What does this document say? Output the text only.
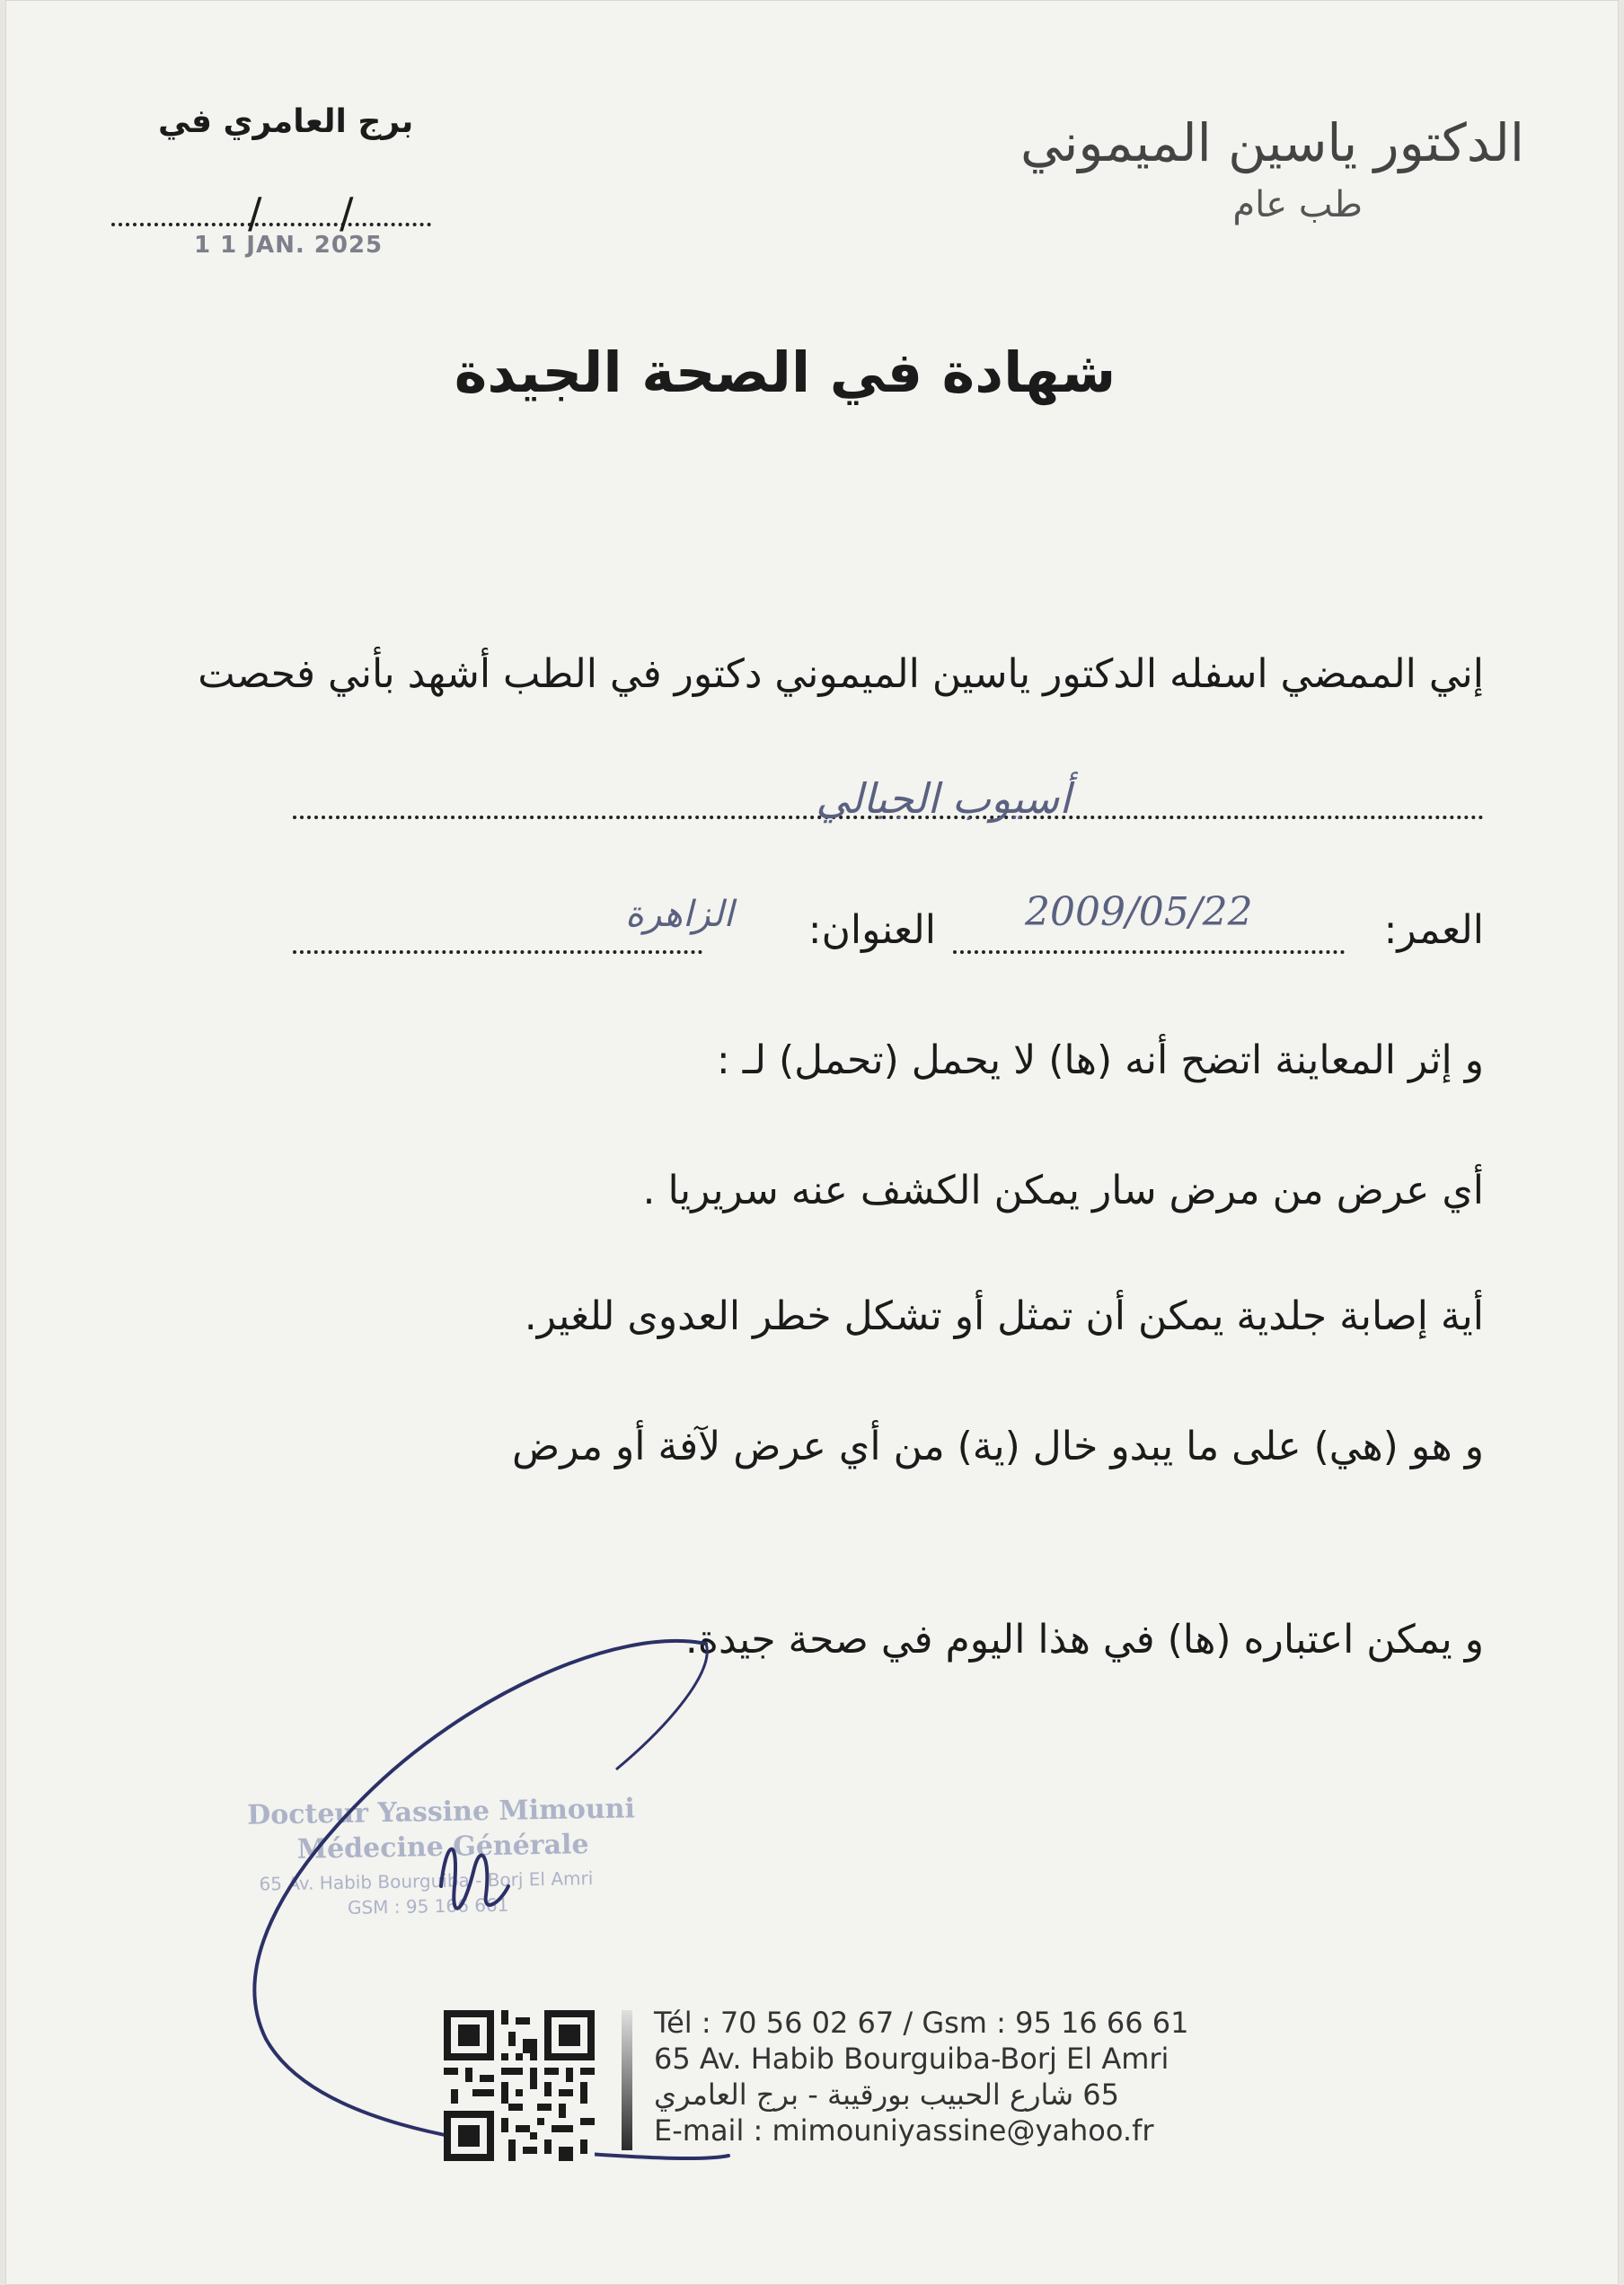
الدكتور ياسين الميموني
طب عام
برج العامري في
/ /
1 1 JAN. 2025
شهادة في الصحة الجيدة
إني الممضي اسفله الدكتور ياسين الميموني دكتور في الطب أشهد بأني فحصت
أسيوب الجبالي
العمر:
2009/05/22
العنوان:
الزاهرة
و إثر المعاينة اتضح أنه (ها) لا يحمل (تحمل) لـ :
أي عرض من مرض سار يمكن الكشف عنه سريريا .
أية إصابة جلدية يمكن أن تمثل أو تشكل خطر العدوى للغير.
و هو (هي) على ما يبدو خال (ية) من أي عرض لآفة أو مرض
و يمكن اعتباره (ها) في هذا اليوم في صحة جيدة.
Docteur Yassine Mimouni
Médecine Générale
65 Av. Habib Bourguiba - Borj El Amri
GSM : 95 166 661
Tél : 70 56 02 67 / Gsm : 95 16 66 61
65 Av. Habib Bourguiba-Borj El Amri
65 شارع الحبيب بورقيبة - برج العامري
E-mail : mimouniyassine@yahoo.fr
